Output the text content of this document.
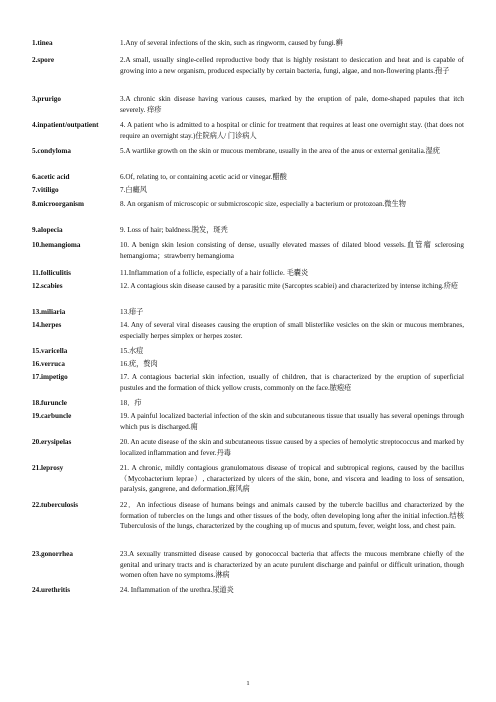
1.tinea	1.Any of several infections of the skin, such as ringworm, caused by fungi.癣
2.spore	2.A small, usually single-celled reproductive body that is highly resistant to desiccation and heat and is capable of growing into a new organism, produced especially by certain bacteria, fungi, algae, and non-flowering plants.孢子
3.prurigo	3.A chronic skin disease having various causes, marked by the eruption of pale, dome-shaped papules that itch severely. 痒疹
4.inpatient/outpatient	4. A patient who is admitted to a hospital or clinic for treatment that requires at least one overnight stay. (that does not require an overnight stay.)住院病人/ 门诊病人
5.condyloma	5.A wartlike growth on the skin or mucous membrane, usually in the area of the anus or external genitalia.湿疣
6.acetic acid	6.Of, relating to, or containing acetic acid or vinegar.醋酸
7.vitiligo	7.白癜风
8.microorganism	8. An organism of microscopic or submicroscopic size, especially a bacterium or protozoan.微生物
9.alopecia	9. Loss of hair; baldness.脱发，斑秃
10.hemangioma	10. A benign skin lesion consisting of dense, usually elevated masses of dilated blood vessels.血管瘤 sclerosing hemangioma；strawberry hemangioma
11.folliculitis	11.Inflammation of a follicle, especially of a hair follicle. 毛囊炎
12.scabies	12. A contagious skin disease caused by a parasitic mite (Sarcoptes scabiei) and characterized by intense itching.疥疮
13.miliaria	13.痱子
14.herpes	14. Any of several viral diseases causing the eruption of small blisterlike vesicles on the skin or mucous membranes, especially herpes simplex or herpes zoster.
15.varicella	15.水痘
16.verruca	16.疣，赘肉
17.impetigo	17. A contagious bacterial skin infection, usually of children, that is characterized by the eruption of superficial pustules and the formation of thick yellow crusts, commonly on the face.脓疱疮
18.furuncle	18．疖
19.carbuncle	19. A painful localized bacterial infection of the skin and subcutaneous tissue that usually has several openings through which pus is discharged.痈
20.erysipelas	20. An acute disease of the skin and subcutaneous tissue caused by a species of hemolytic streptococcus and marked by localized inflammation and fever.丹毒
21.leprosy	21. A chronic, mildly contagious granulomatous disease of tropical and subtropical regions, caused by the bacillus （Mycobacterium leprae）, characterized by ulcers of the skin, bone, and viscera and leading to loss of sensation, paralysis, gangrene, and deformation.麻风病
22.tuberculosis	22．An infectious disease of humans beings and animals caused by the tubercle bacillus and characterized by the formation of tubercles on the lungs and other tissues of the body, often developing long after the initial infection.结核 Tuberculosis of the lungs, characterized by the coughing up of mucus and sputum, fever, weight loss, and chest pain.
23.gonorrhea	23.A sexually transmitted disease caused by gonococcal bacteria that affects the mucous membrane chiefly of the genital and urinary tracts and is characterized by an acute purulent discharge and painful or difficult urination, though women often have no symptoms.淋病
24.urethritis	24. Inflammation of the urethra.尿道炎
1
